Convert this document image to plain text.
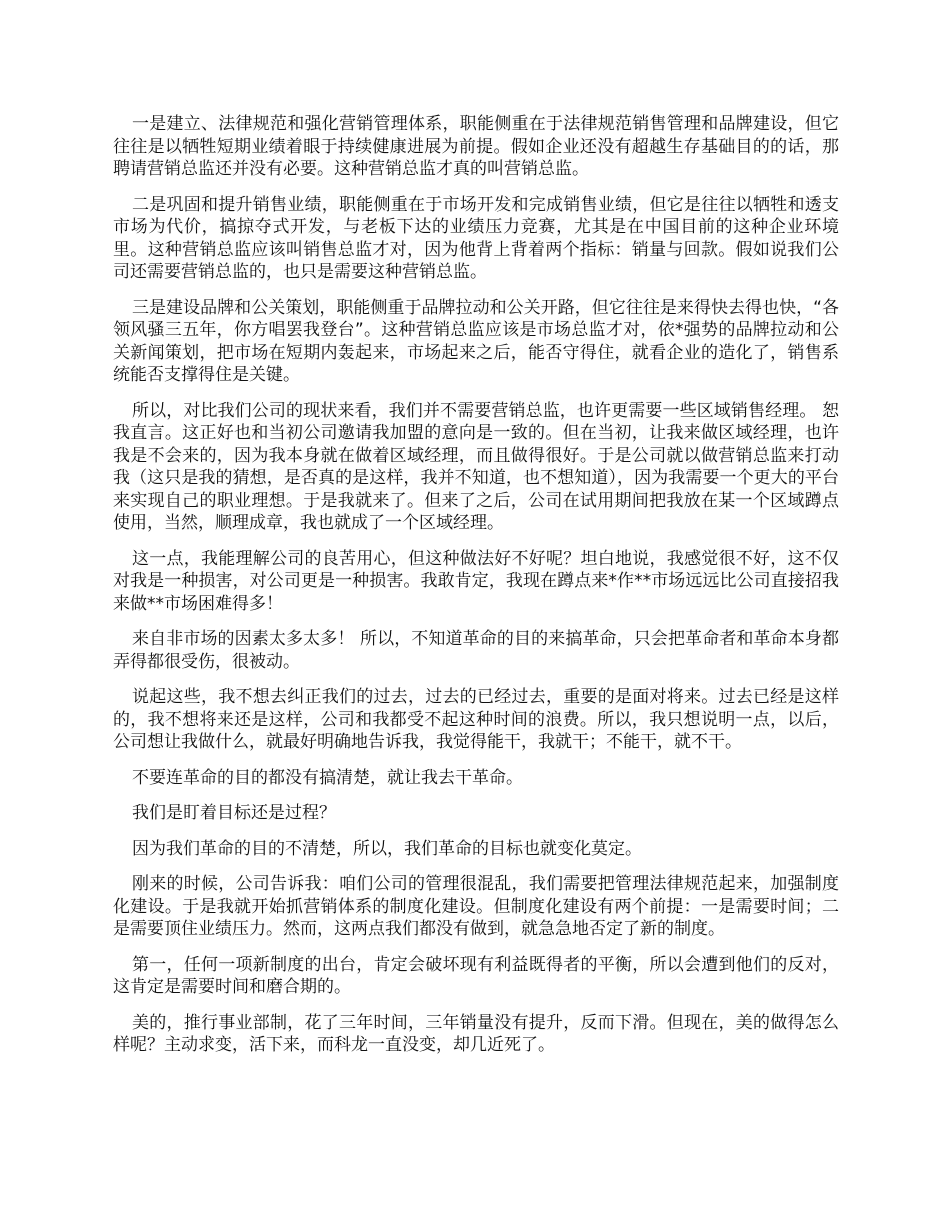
一是建立、法律规范和强化营销管理体系，职能侧重在于法律规范销售管理和品牌建设，但它往往是以牺牲短期业绩着眼于持续健康进展为前提。假如企业还没有超越生存基础目的的话，那聘请营销总监还并没有必要。这种营销总监才真的叫营销总监。

二是巩固和提升销售业绩，职能侧重在于市场开发和完成销售业绩，但它是往往以牺牲和透支市场为代价，搞掠夺式开发，与老板下达的业绩压力竞赛，尤其是在中国目前的这种企业环境里。这种营销总监应该叫销售总监才对，因为他背上背着两个指标：销量与回款。假如说我们公司还需要营销总监的，也只是需要这种营销总监。

三是建设品牌和公关策划，职能侧重于品牌拉动和公关开路，但它往往是来得快去得也快，“各领风骚三五年，你方唱罢我登台”。这种营销总监应该是市场总监才对，依*强势的品牌拉动和公关新闻策划，把市场在短期内轰起来，市场起来之后，能否守得住，就看企业的造化了，销售系统能否支撑得住是关键。

所以，对比我们公司的现状来看，我们并不需要营销总监，也许更需要一些区域销售经理。 恕我直言。这正好也和当初公司邀请我加盟的意向是一致的。但在当初，让我来做区域经理，也许我是不会来的，因为我本身就在做着区域经理，而且做得很好。于是公司就以做营销总监来打动我（这只是我的猜想，是否真的是这样，我并不知道，也不想知道），因为我需要一个更大的平台来实现自己的职业理想。于是我就来了。但来了之后，公司在试用期间把我放在某一个区域蹲点使用，当然，顺理成章，我也就成了一个区域经理。

这一点，我能理解公司的良苦用心，但这种做法好不好呢？坦白地说，我感觉很不好，这不仅对我是一种损害，对公司更是一种损害。我敢肯定，我现在蹲点来*作**市场远远比公司直接招我来做**市场困难得多！

来自非市场的因素太多太多！ 所以，不知道革命的目的来搞革命，只会把革命者和革命本身都弄得都很受伤，很被动。

说起这些，我不想去纠正我们的过去，过去的已经过去，重要的是面对将来。过去已经是这样的，我不想将来还是这样，公司和我都受不起这种时间的浪费。所以，我只想说明一点，以后，公司想让我做什么，就最好明确地告诉我，我觉得能干，我就干；不能干，就不干。

不要连革命的目的都没有搞清楚，就让我去干革命。

我们是盯着目标还是过程？

因为我们革命的目的不清楚，所以，我们革命的目标也就变化莫定。

刚来的时候，公司告诉我：咱们公司的管理很混乱，我们需要把管理法律规范起来，加强制度化建设。于是我就开始抓营销体系的制度化建设。但制度化建设有两个前提：一是需要时间；二是需要顶住业绩压力。然而，这两点我们都没有做到，就急急地否定了新的制度。

第一，任何一项新制度的出台，肯定会破坏现有利益既得者的平衡，所以会遭到他们的反对，这肯定是需要时间和磨合期的。

美的，推行事业部制，花了三年时间，三年销量没有提升，反而下滑。但现在，美的做得怎么样呢？主动求变，活下来，而科龙一直没变，却几近死了。
